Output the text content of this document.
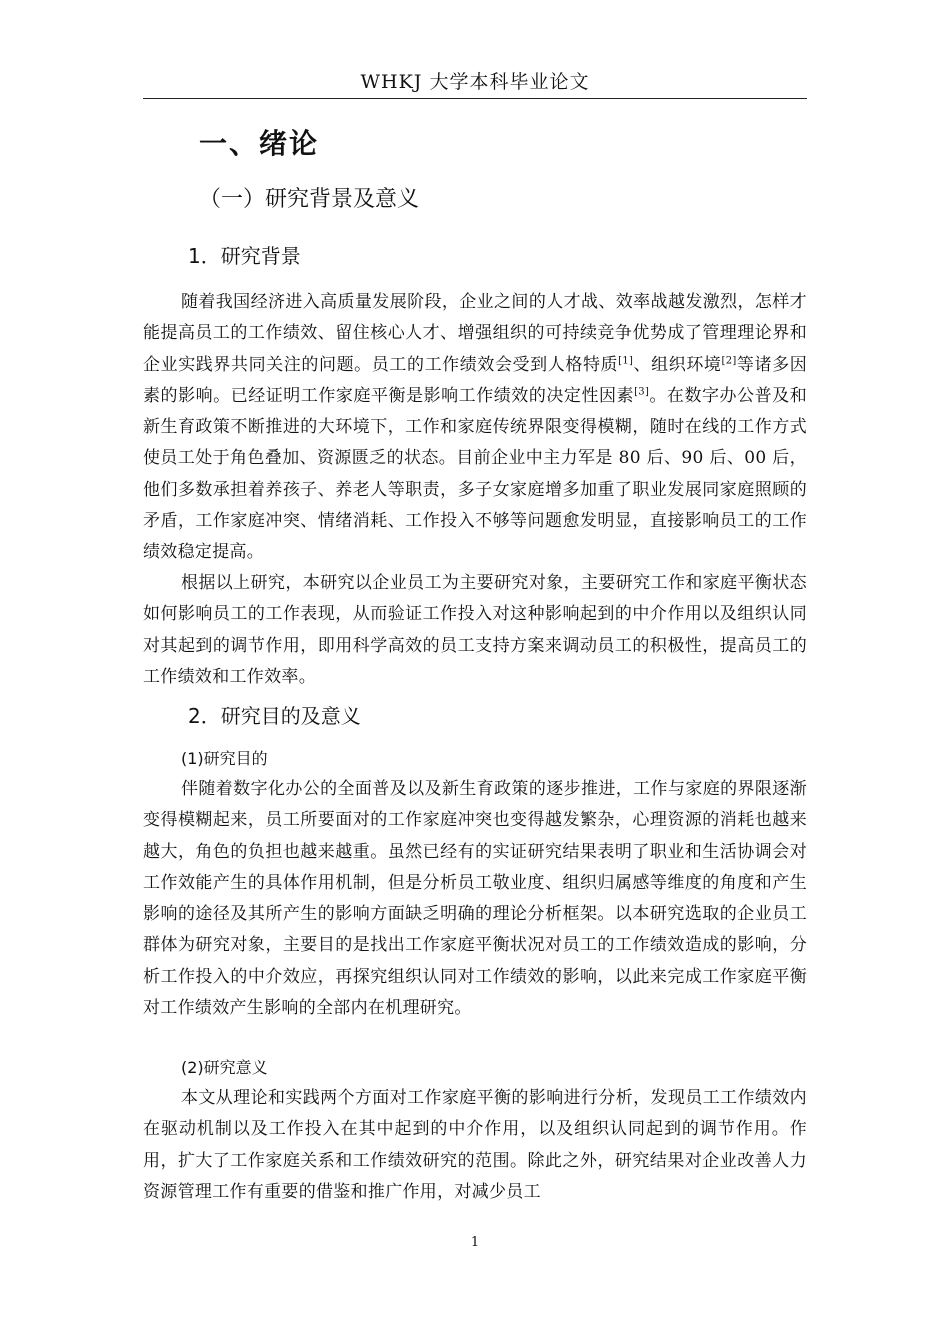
WHKJ 大学本科毕业论文
一、绪论
（一）研究背景及意义
1．研究背景

随着我国经济进入高质量发展阶段，企业之间的人才战、效率战越发激烈，怎样才能提高员工的工作绩效、留住核心人才、增强组织的可持续竞争优势成了管理理论界和企业实践界共同关注的问题。员工的工作绩效会受到人格特质[1]、组织环境[2]等诸多因素的影响。已经证明工作家庭平衡是影响工作绩效的决定性因素[3]。在数字办公普及和新生育政策不断推进的大环境下，工作和家庭传统界限变得模糊，随时在线的工作方式使员工处于角色叠加、资源匮乏的状态。目前企业中主力军是 80 后、90 后、00 后，他们多数承担着养孩子、养老人等职责，多子女家庭增多加重了职业发展同家庭照顾的矛盾，工作家庭冲突、情绪消耗、工作投入不够等问题愈发明显，直接影响员工的工作绩效稳定提高。

根据以上研究，本研究以企业员工为主要研究对象，主要研究工作和家庭平衡状态如何影响员工的工作表现，从而验证工作投入对这种影响起到的中介作用以及组织认同对其起到的调节作用，即用科学高效的员工支持方案来调动员工的积极性，提高员工的工作绩效和工作效率。

2．研究目的及意义
(1)研究目的

伴随着数字化办公的全面普及以及新生育政策的逐步推进，工作与家庭的界限逐渐变得模糊起来，员工所要面对的工作家庭冲突也变得越发繁杂，心理资源的消耗也越来越大，角色的负担也越来越重。虽然已经有的实证研究结果表明了职业和生活协调会对工作效能产生的具体作用机制，但是分析员工敬业度、组织归属感等维度的角度和产生影响的途径及其所产生的影响方面缺乏明确的理论分析框架。以本研究选取的企业员工群体为研究对象，主要目的是找出工作家庭平衡状况对员工的工作绩效造成的影响，分析工作投入的中介效应，再探究组织认同对工作绩效的影响，以此来完成工作家庭平衡对工作绩效产生影响的全部内在机理研究。

(2)研究意义

本文从理论和实践两个方面对工作家庭平衡的影响进行分析，发现员工工作绩效内在驱动机制以及工作投入在其中起到的中介作用，以及组织认同起到的调节作用。作用，扩大了工作家庭关系和工作绩效研究的范围。除此之外，研究结果对企业改善人力资源管理工作有重要的借鉴和推广作用，对减少员工

1
